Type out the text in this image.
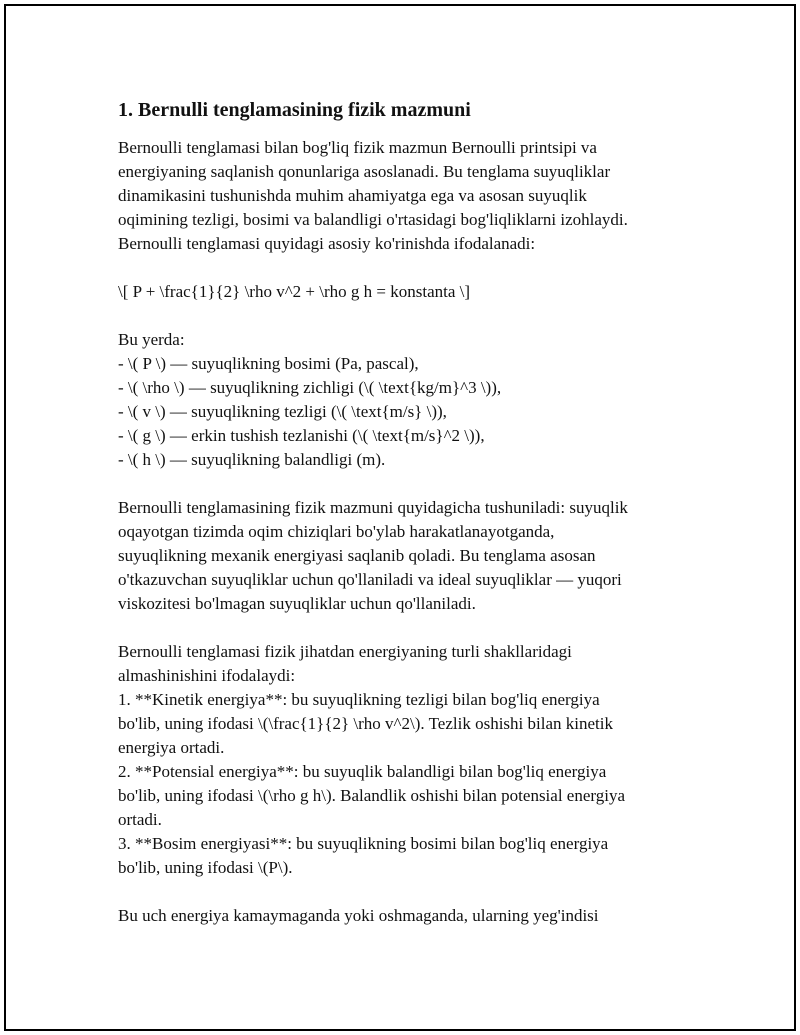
1. Bernulli tenglamasining fizik mazmuni

Bernoulli tenglamasi bilan bog'liq fizik mazmun Bernoulli printsipi va
energiyaning saqlanish qonunlariga asoslanadi. Bu tenglama suyuqliklar
dinamikasini tushunishda muhim ahamiyatga ega va asosan suyuqlik
oqimining tezligi, bosimi va balandligi o'rtasidagi bog'liqliklarni izohlaydi.
Bernoulli tenglamasi quyidagi asosiy ko'rinishda ifodalanadi:

\[ P + \frac{1}{2} \rho v^2 + \rho g h = konstanta \]

Bu yerda:
- \( P \) — suyuqlikning bosimi (Pa, pascal),
- \( \rho \) — suyuqlikning zichligi (\( \text{kg/m}^3 \)),
- \( v \) — suyuqlikning tezligi (\( \text{m/s} \)),
- \( g \) — erkin tushish tezlanishi (\( \text{m/s}^2 \)),
- \( h \) — suyuqlikning balandligi (m).

Bernoulli tenglamasining fizik mazmuni quyidagicha tushuniladi: suyuqlik
oqayotgan tizimda oqim chiziqlari bo'ylab harakatlanayotganda,
suyuqlikning mexanik energiyasi saqlanib qoladi. Bu tenglama asosan
o'tkazuvchan suyuqliklar uchun qo'llaniladi va ideal suyuqliklar — yuqori
viskozitesi bo'lmagan suyuqliklar uchun qo'llaniladi.

Bernoulli tenglamasi fizik jihatdan energiyaning turli shakllaridagi
almashinishini ifodalaydi:
1. **Kinetik energiya**: bu suyuqlikning tezligi bilan bog'liq energiya
bo'lib, uning ifodasi \(\frac{1}{2} \rho v^2\). Tezlik oshishi bilan kinetik
energiya ortadi.
2. **Potensial energiya**: bu suyuqlik balandligi bilan bog'liq energiya
bo'lib, uning ifodasi \(\rho g h\). Balandlik oshishi bilan potensial energiya
ortadi.
3. **Bosim energiyasi**: bu suyuqlikning bosimi bilan bog'liq energiya
bo'lib, uning ifodasi \(P\).

Bu uch energiya kamaymaganda yoki oshmaganda, ularning yeg'indisi
